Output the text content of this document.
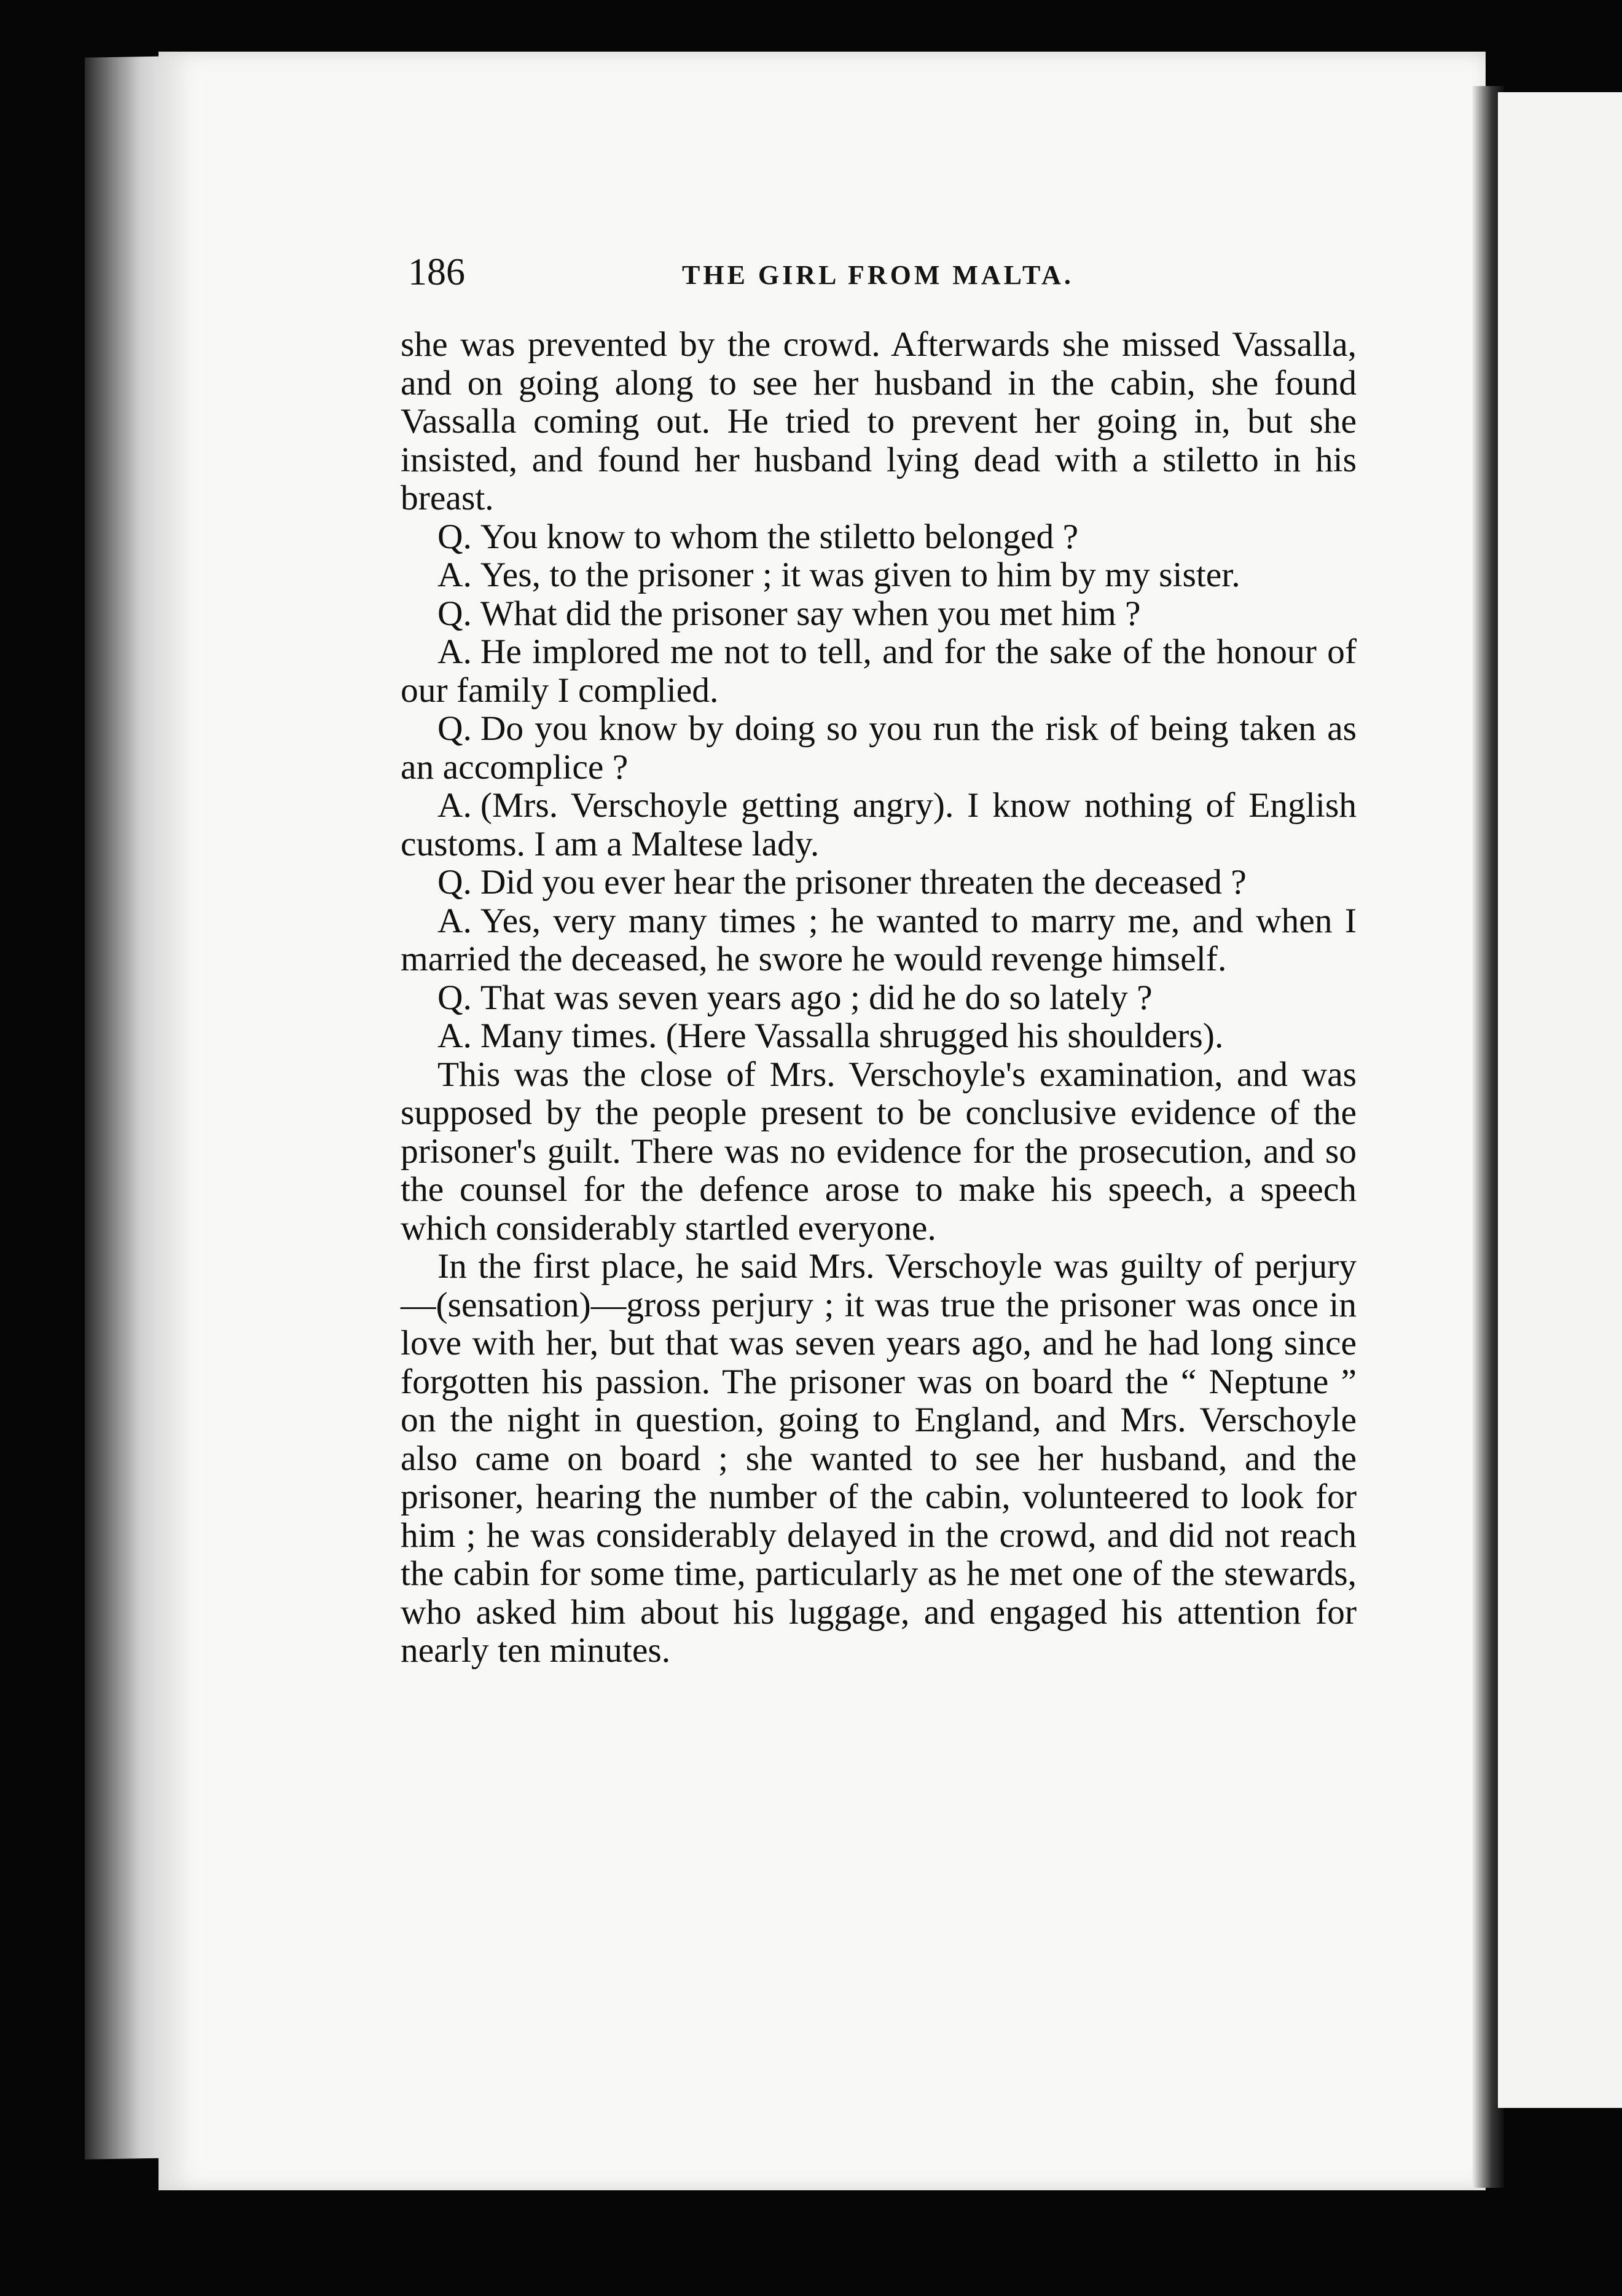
186	THE GIRL FROM MALTA.

she was prevented by the crowd. Afterwards she missed Vassalla, and on going along to see her husband in the cabin, she found Vassalla coming out. He tried to prevent her going in, but she insisted, and found her husband lying dead with a stiletto in his breast.

Q. You know to whom the stiletto belonged ?

A. Yes, to the prisoner ; it was given to him by my sister.

Q. What did the prisoner say when you met him ?

A. He implored me not to tell, and for the sake of the honour of our family I complied.

Q. Do you know by doing so you run the risk of being taken as an accomplice ?

A. (Mrs. Verschoyle getting angry). I know nothing of English customs. I am a Maltese lady.

Q. Did you ever hear the prisoner threaten the deceased ?

A. Yes, very many times ; he wanted to marry me, and when I married the deceased, he swore he would revenge himself.

Q. That was seven years ago ; did he do so lately ?

A. Many times. (Here Vassalla shrugged his shoulders).

This was the close of Mrs. Verschoyle's examination, and was supposed by the people present to be conclusive evidence of the prisoner's guilt. There was no evidence for the prosecution, and so the counsel for the defence arose to make his speech, a speech which considerably startled everyone.

In the first place, he said Mrs. Verschoyle was guilty of perjury—(sensation)—gross perjury ; it was true the prisoner was once in love with her, but that was seven years ago, and he had long since forgotten his passion. The prisoner was on board the “ Neptune ” on the night in question, going to England, and Mrs. Verschoyle also came on board ; she wanted to see her husband, and the prisoner, hearing the number of the cabin, volunteered to look for him ; he was considerably delayed in the crowd, and did not reach the cabin for some time, particularly as he met one of the stewards, who asked him about his luggage, and engaged his attention for nearly ten minutes.
